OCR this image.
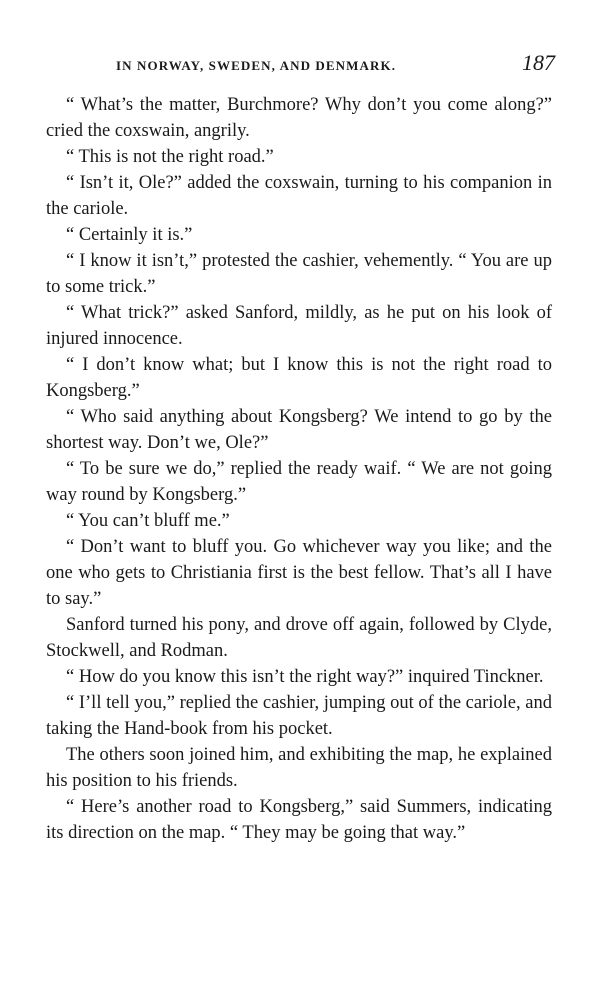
IN NORWAY, SWEDEN, AND DENMARK.	187

“ What’s the matter, Burchmore? Why don’t you come along?” cried the coxswain, angrily.

“ This is not the right road.”

“ Isn’t it, Ole?” added the coxswain, turning to his companion in the cariole.

“ Certainly it is.”

“ I know it isn’t,” protested the cashier, vehemently. “ You are up to some trick.”

“ What trick?” asked Sanford, mildly, as he put on his look of injured innocence.

“ I don’t know what; but I know this is not the right road to Kongsberg.”

“ Who said anything about Kongsberg? We intend to go by the shortest way. Don’t we, Ole?”

“ To be sure we do,” replied the ready waif. “ We are not going way round by Kongsberg.”

“ You can’t bluff me.”

“ Don’t want to bluff you. Go whichever way you like; and the one who gets to Christiania first is the best fellow. That’s all I have to say.”

Sanford turned his pony, and drove off again, followed by Clyde, Stockwell, and Rodman.

“ How do you know this isn’t the right way?” inquired Tinckner.

“ I’ll tell you,” replied the cashier, jumping out of the cariole, and taking the Hand-book from his pocket.

The others soon joined him, and exhibiting the map, he explained his position to his friends.

“ Here’s another road to Kongsberg,” said Summers, indicating its direction on the map. “ They may be going that way.”
